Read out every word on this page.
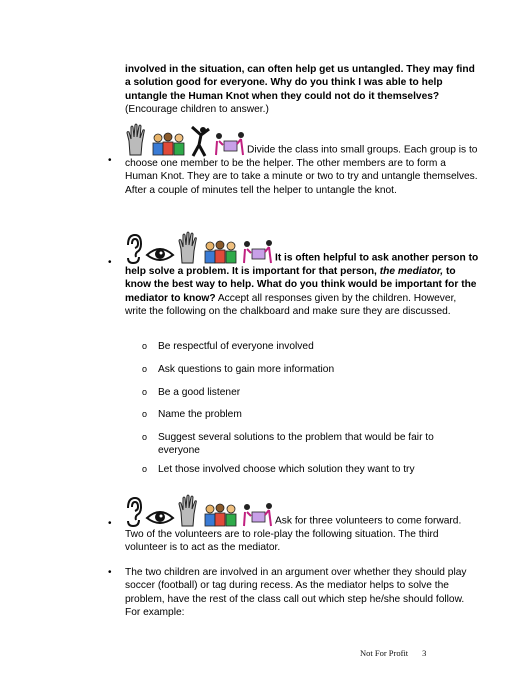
involved in the situation, can often help get us untangled. They may find a solution good for everyone. Why do you think I was able to help untangle the Human Knot when they could not do it themselves? (Encourage children to answer.)
•
Divide the class into small groups. Each group is to choose one member to be the helper. The other members are to form a Human Knot. They are to take a minute or two to try and untangle themselves. After a couple of minutes tell the helper to untangle the knot.
•	It is often helpful to ask another person to help solve a problem. It is important for that person, the mediator, to know the best way to help. What do you think would be important for the mediator to know? Accept all responses given by the children. However, write the following on the chalkboard and make sure they are discussed.
o Be respectful of everyone involved
o Ask questions to gain more information
o Be a good listener
o Name the problem
o Suggest several solutions to the problem that would be fair to everyone
o Let those involved choose which solution they want to try
•	Ask for three volunteers to come forward. Two of the volunteers are to role-play the following situation. The third volunteer is to act as the mediator.
• The two children are involved in an argument over whether they should play soccer (football) or tag during recess. As the mediator helps to solve the problem, have the rest of the class call out which step he/she should follow. For example:
Not For Profit 3
